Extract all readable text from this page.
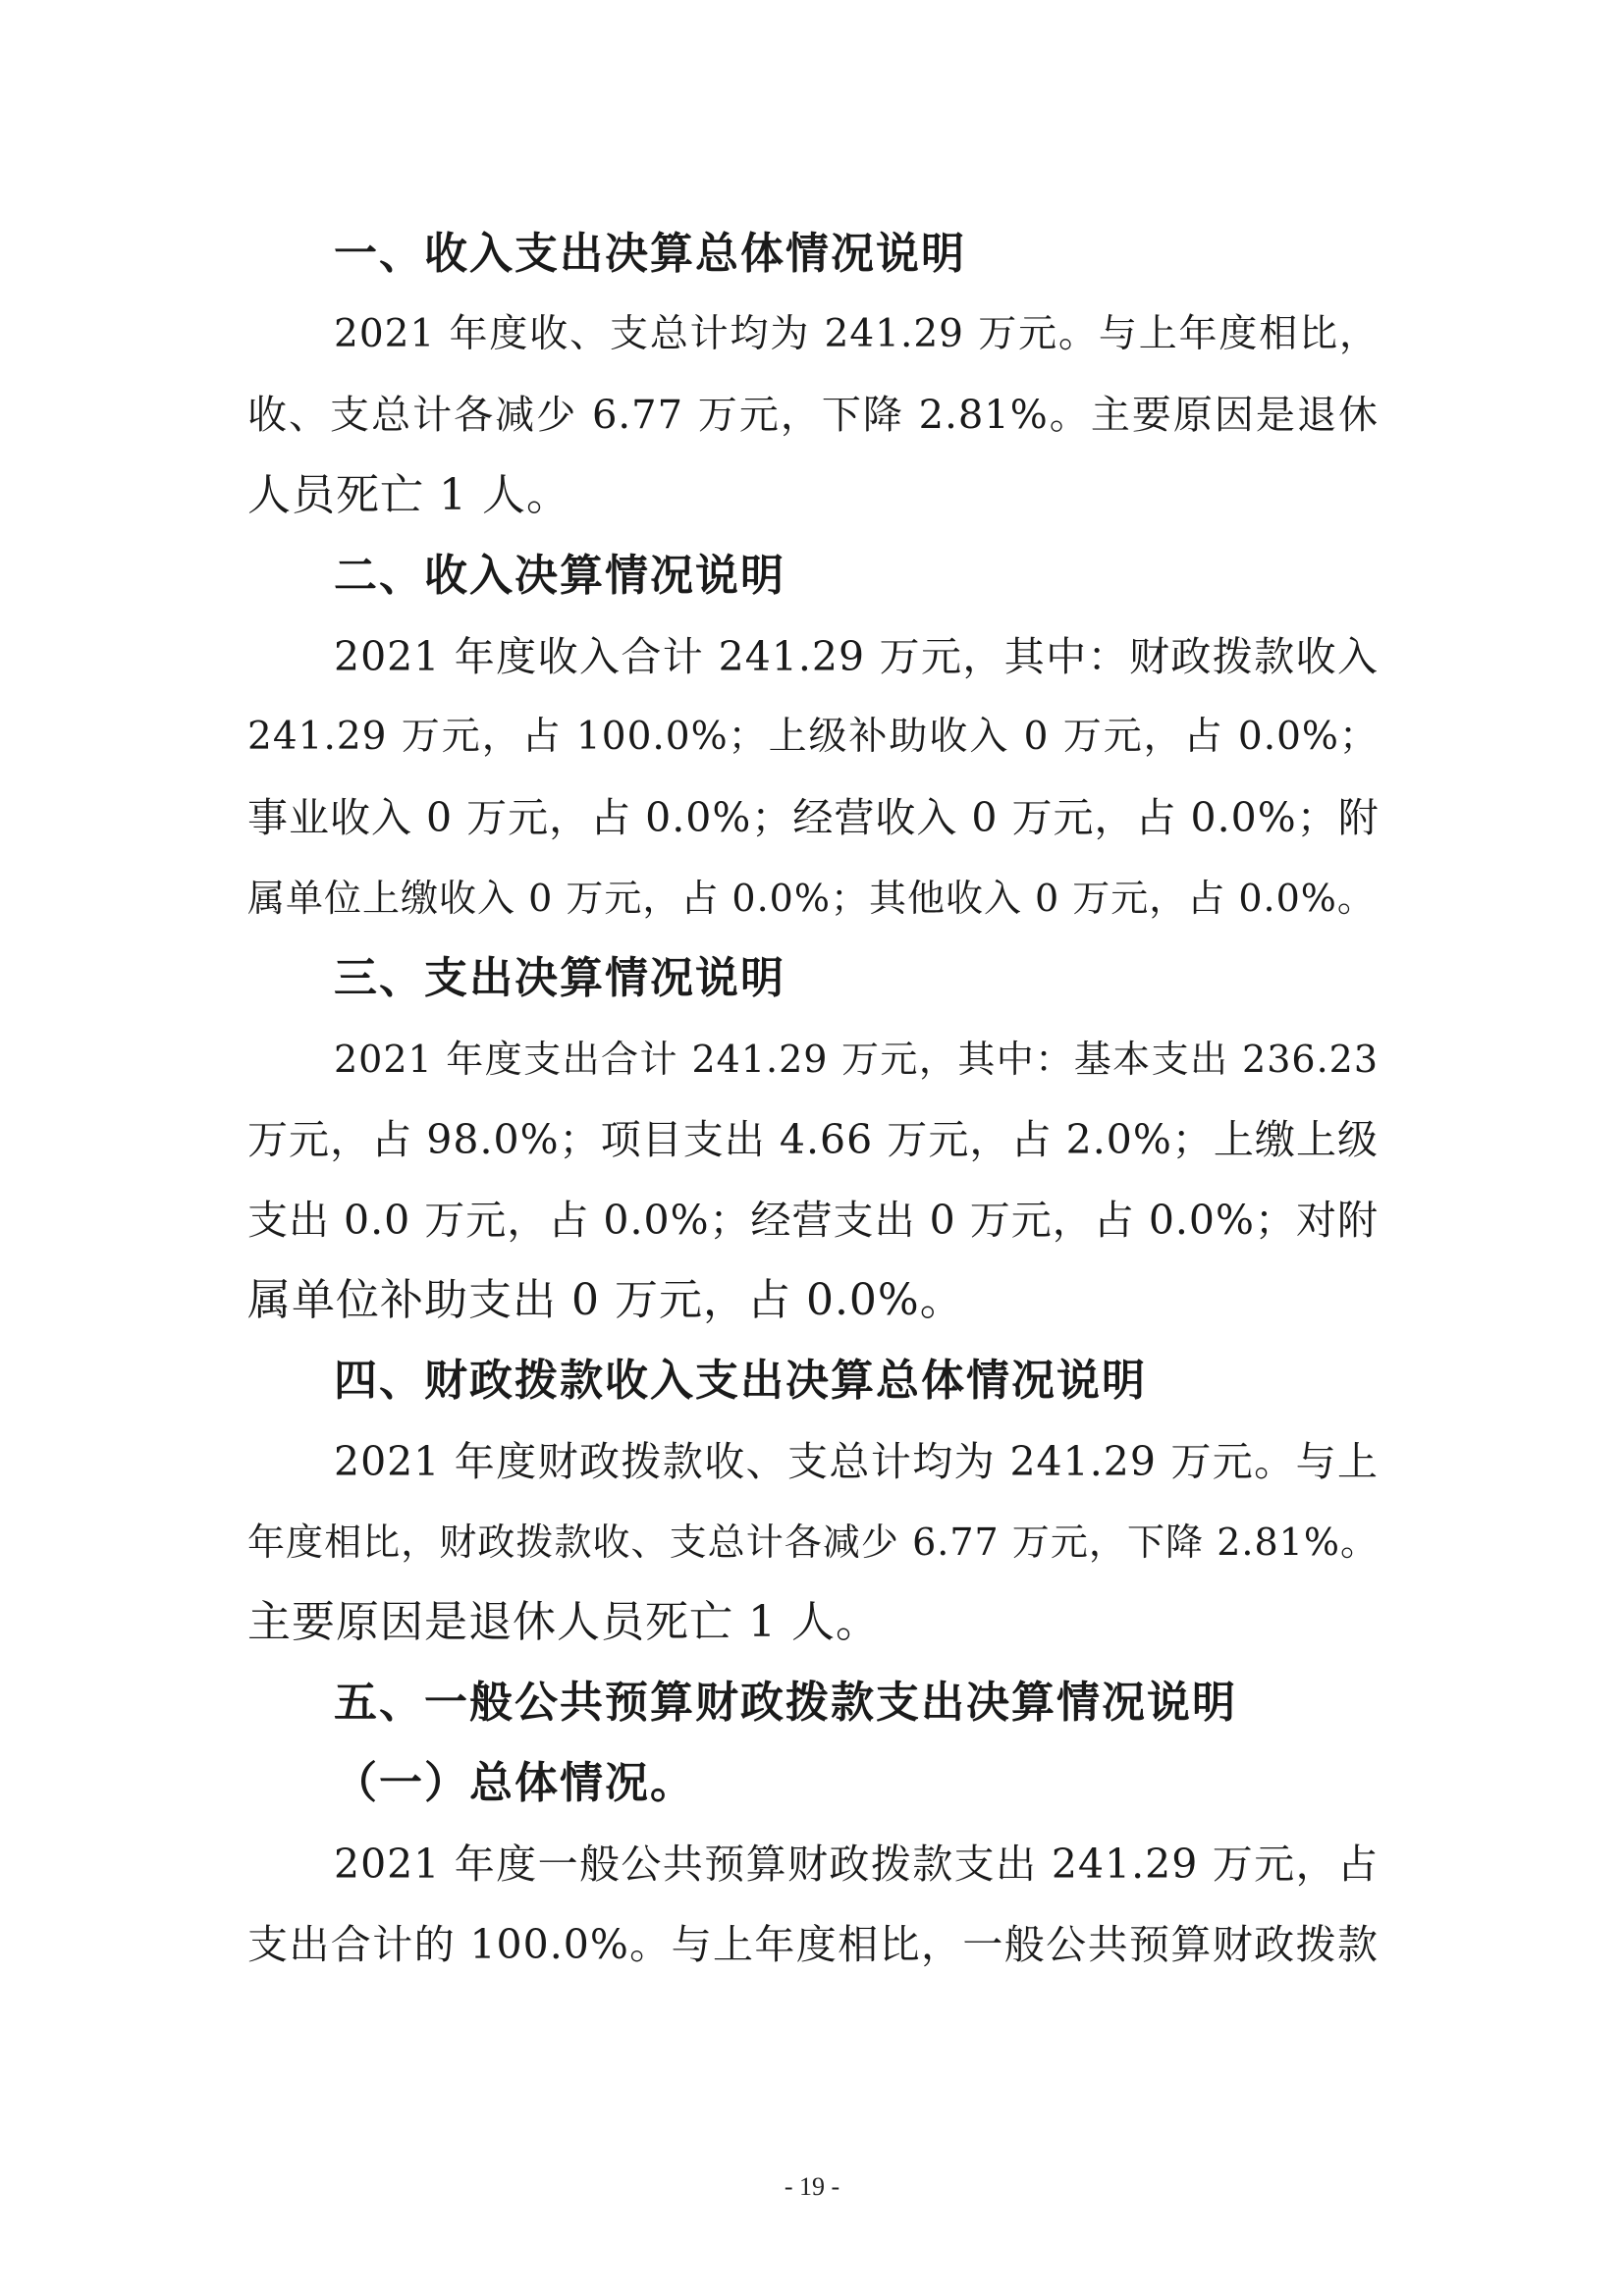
一、收入支出决算总体情况说明
2021 年度收、支总计均为 241.29 万元。与上年度相比，
收、支总计各减少 6.77 万元，下降 2.81%。主要原因是退休
人员死亡 1 人。
二、收入决算情况说明
2021 年度收入合计 241.29 万元，其中：财政拨款收入
241.29 万元，占 100.0%；上级补助收入 0 万元，占 0.0%；
事业收入 0 万元，占 0.0%；经营收入 0 万元，占 0.0%；附
属单位上缴收入 0 万元，占 0.0%；其他收入 0 万元，占 0.0%。
三、支出决算情况说明
2021 年度支出合计 241.29 万元，其中：基本支出 236.23
万元，占 98.0%；项目支出 4.66 万元，占 2.0%；上缴上级
支出 0.0 万元，占 0.0%；经营支出 0 万元，占 0.0%；对附
属单位补助支出 0 万元，占 0.0%。
四、财政拨款收入支出决算总体情况说明
2021 年度财政拨款收、支总计均为 241.29 万元。与上
年度相比，财政拨款收、支总计各减少 6.77 万元，下降 2.81%。
主要原因是退休人员死亡 1 人。
五、一般公共预算财政拨款支出决算情况说明
（一）总体情况。
2021 年度一般公共预算财政拨款支出 241.29 万元，占
支出合计的 100.0%。与上年度相比，一般公共预算财政拨款
- 19 -
